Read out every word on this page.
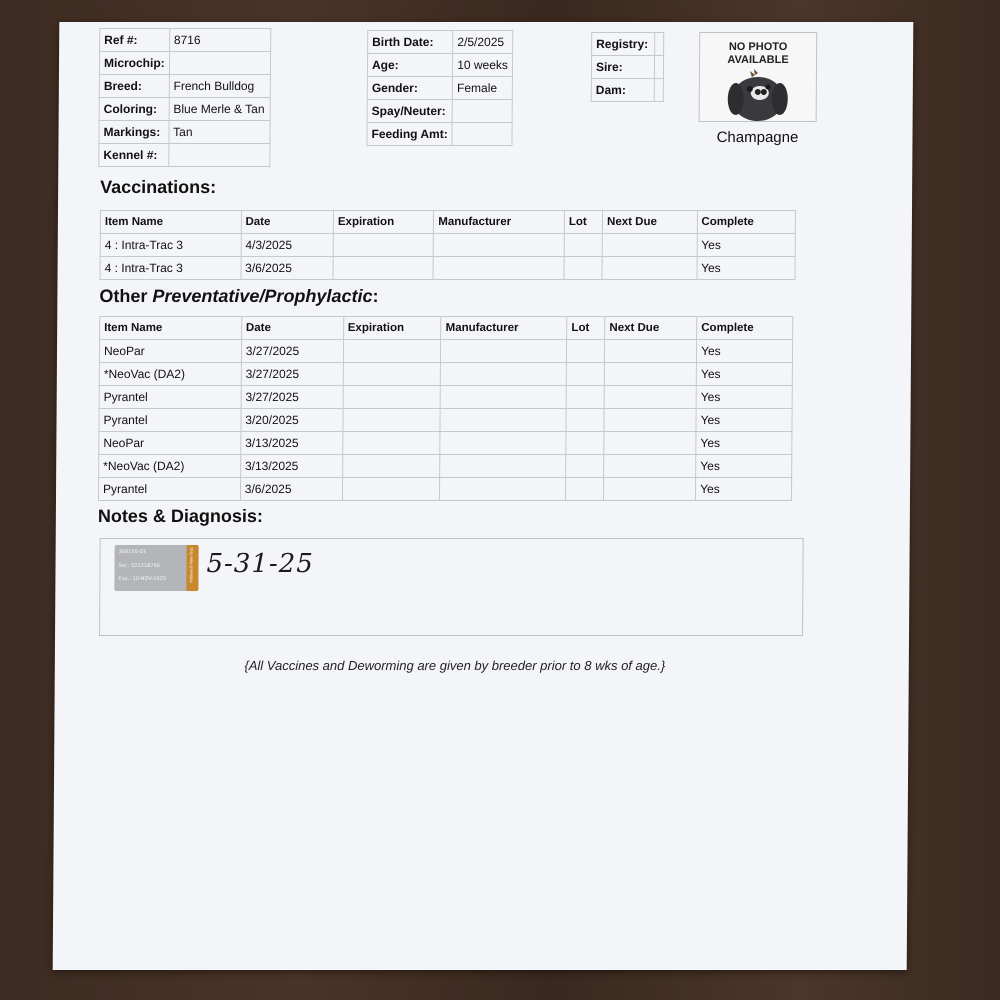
Ref #:	8716
Microchip:	
Breed:	French Bulldog
Coloring:	Blue Merle & Tan
Markings:	Tan
Kennel #:	
Birth Date:	2/5/2025
Age:	10 weeks
Gender:	Female
Spay/Neuter:	
Feeding Amt:	
Registry:	
Sire:	
Dam:	
NO PHOTO
AVAILABLE
Champagne
Vaccinations:
Item Name	Date	Expiration	Manufacturer	Lot	Next Due	Complete
4 : Intra-Trac 3	4/3/2025					Yes
4 : Intra-Trac 3	3/6/2025					Yes
Other Preventative/Prophylactic:
Item Name	Date	Expiration	Manufacturer	Lot	Next Due	Complete
NeoPar	3/27/2025					Yes
*NeoVac (DA2)	3/27/2025					Yes
Pyrantel	3/27/2025					Yes
Pyrantel	3/20/2025					Yes
NeoPar	3/13/2025					Yes
*NeoVac (DA2)	3/13/2025					Yes
Pyrantel	3/6/2025					Yes
Notes & Diagnosis:
368150-03
Ser.: 021218790
Exp.: 10-NOV-2025	Nobivac® Intra-Trac 5-31-25
{All Vaccines and Deworming are given by breeder prior to 8 wks of age.}
